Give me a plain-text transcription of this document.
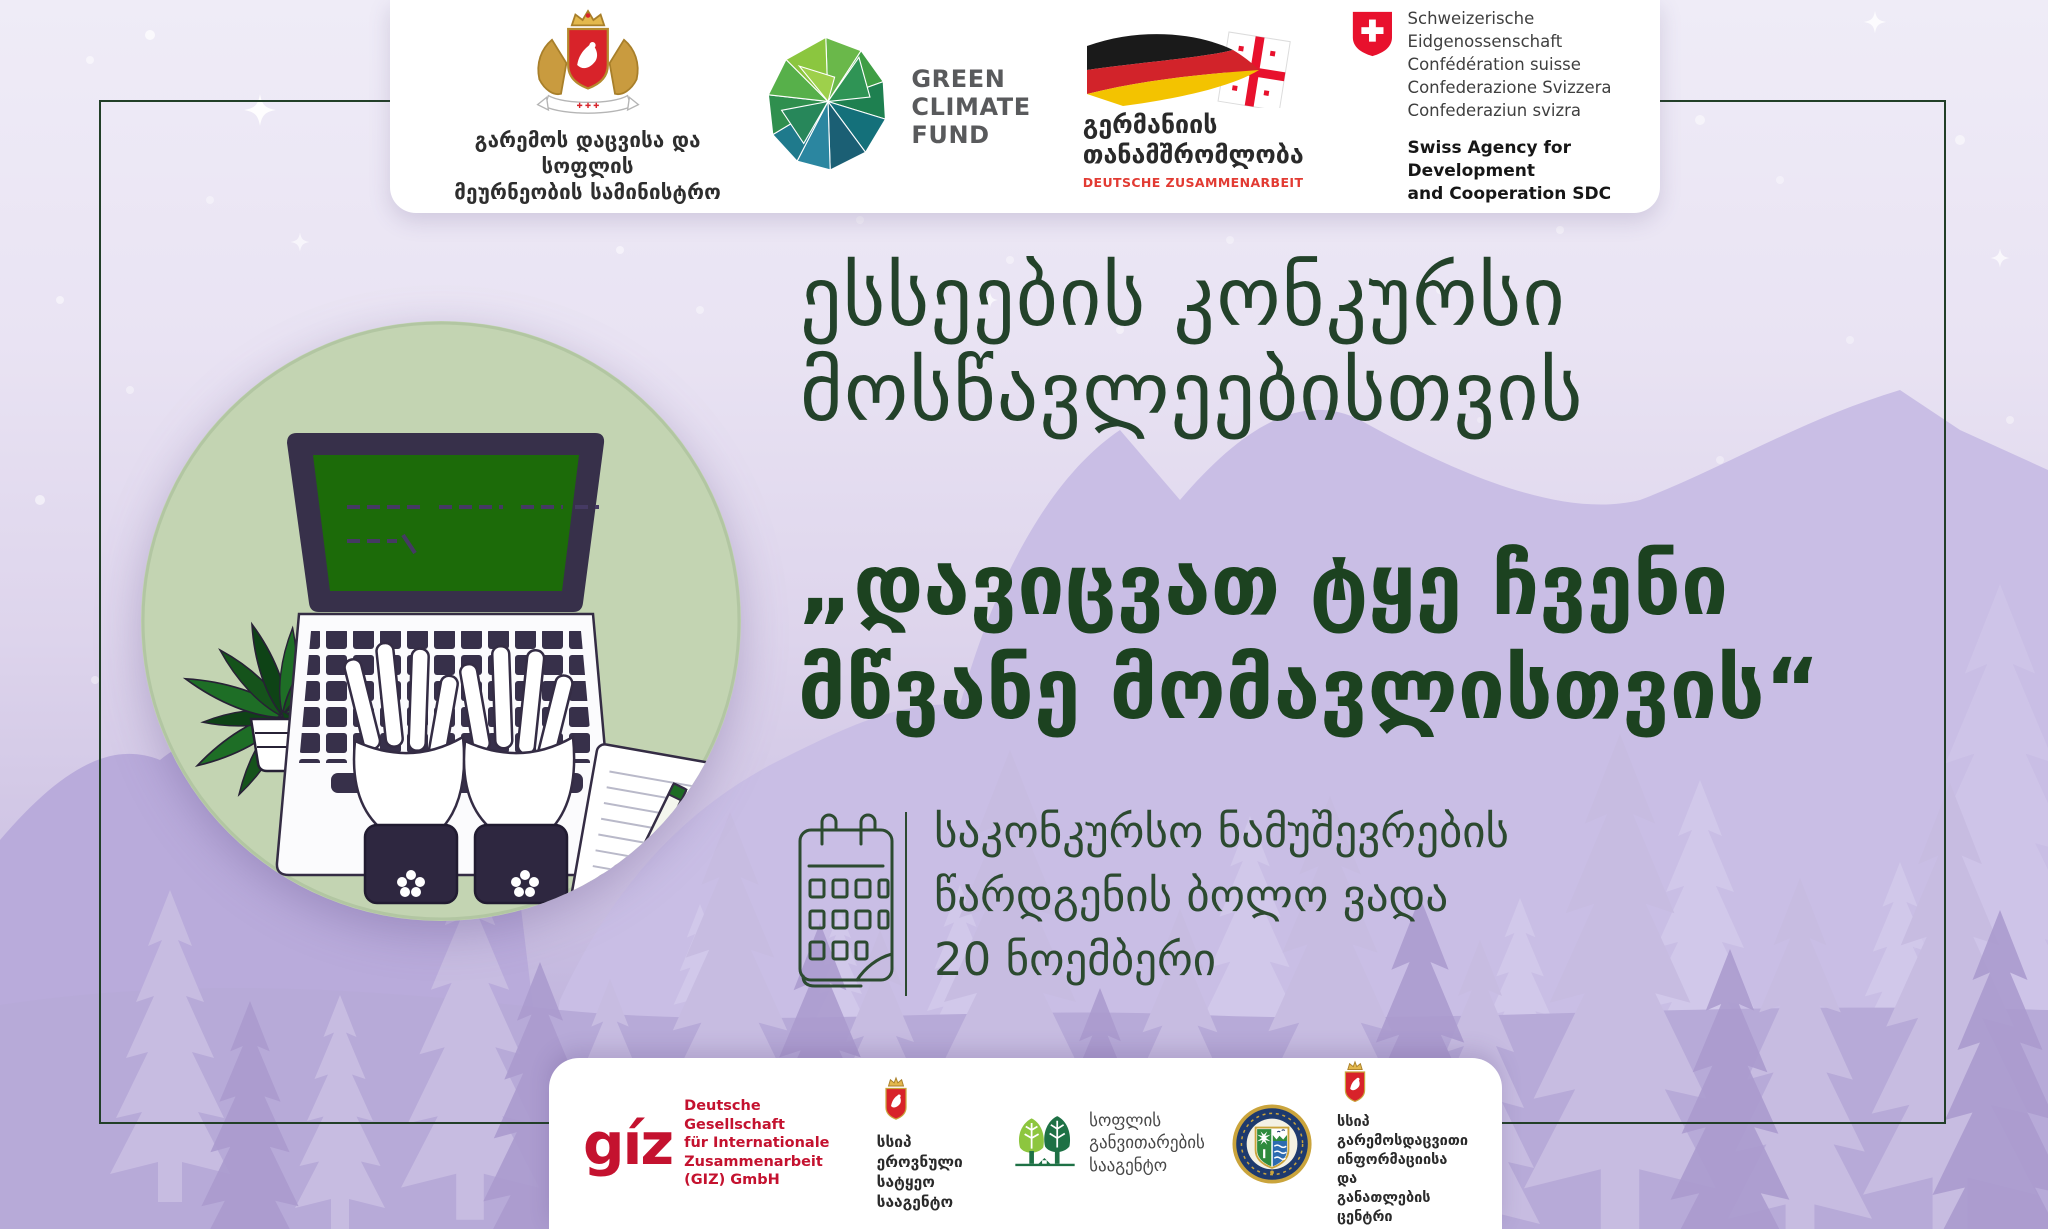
✚ ✚ ✚
გარემოს დაცვისა და სოფლის
მეურნეობის სამინისტრო
GREEN
CLIMATE
FUND	გერმანიის
თანამშრომლობა
DEUTSCHE ZUSAMMENARBEIT
Schweizerische Eidgenossenschaft
Confédération suisse
Confederazione Svizzera
Confederaziun svizra
Swiss Agency for Development
and Cooperation SDC
ესსეების კონკურსი
მოსწავლეებისთვის
„დავიცვათ ტყე ჩვენი
მწვანე მომავლისთვის“
საკონკურსო ნამუშევრების
წარდგენის ბოლო ვადა
20 ნოემბერი
gíz
Deutsche Gesellschaft
für Internationale
Zusammenarbeit (GIZ) GmbH
სსიპ ეროვნული
სატყეო სააგენტო
სოფლის
განვითარების
სააგენტო
სსიპ გარემოსდაცვითი
ინფორმაციისა და
განათლების ცენტრი
